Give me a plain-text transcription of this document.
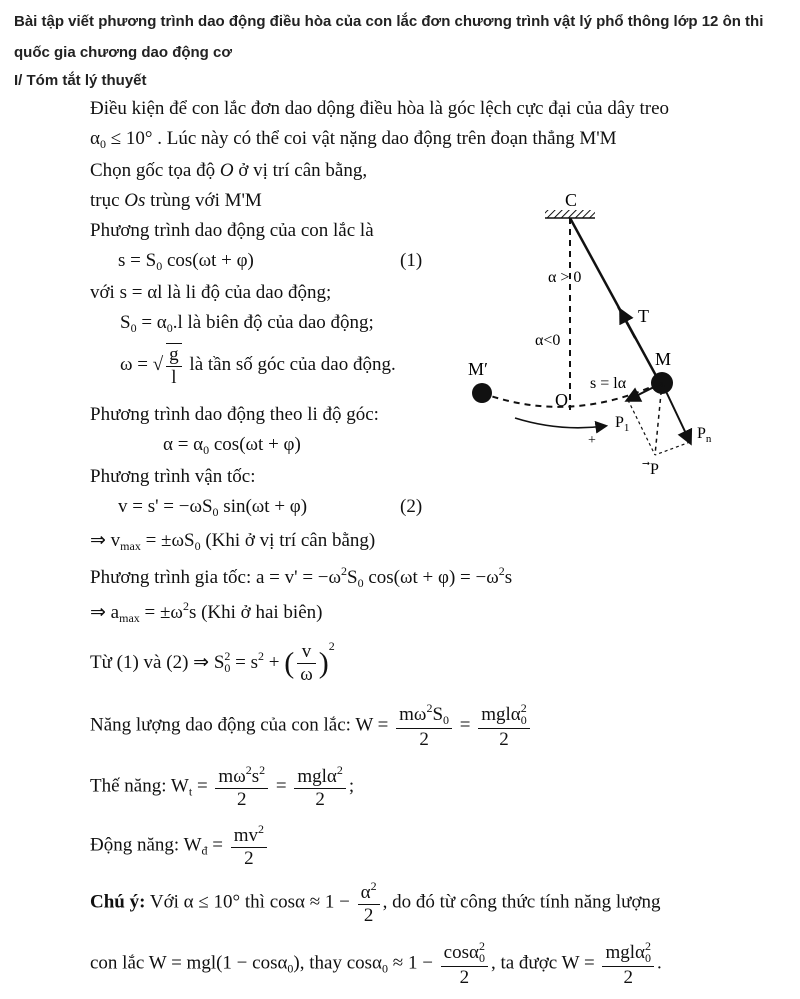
Bài tập viết phương trình dao động điều hòa của con lắc đơn chương trình vật lý phổ thông lớp 12 ôn thi
quốc gia chương dao động cơ
I/ Tóm tắt lý thuyết
Điều kiện để con lắc đơn dao dộng điều hòa là góc lệch cực đại của dây treo
$\alpha_0 \le 10^\circ$ . Lúc này có thể coi vật nặng dao động trên đoạn thẳng M'M
Chọn gốc tọa độ O ở vị trí cân bằng,
trục Os trùng với M'M
Phương trình dao động của con lắc là
$s = S_0$ cos(ωt + φ)	(1)
với s = αl là li độ của dao động;
$S_0 = \alpha_0.l$ là biên độ của dao động;
ω = √ $\frac{g}{l}$ là tần số góc của dao động.
Phương trình dao động theo li độ góc:
$\alpha = \alpha_0$ cos(ωt + φ)
Phương trình vận tốc:
$v = s' = -\omega S_0$ sin(ωt + φ)	(2)
⇒ $v_{max} = \pm\omega S_0$ (Khi ở vị trí cân bằng)
Phương trình gia tốc: $a = v' = -\omega^2S_0$ $\cos(\omega t + \varphi) = -\omega^2s$
⇒ $a_{max} = \pm\omega^2s$ (Khi ở hai biên)
Từ (1) và (2) ⇒ $S_0^2 = s^2$ + ( $\frac{v}{\omega} )^2$
Năng lượng dao động của con lắc: $W = \frac{m\omega^2S_0}{2} = \frac{mgl\alpha_0^2}{2}$
Thế năng: $W_t = \frac{m\omega^2s^2}{2} = \frac{mgl\alpha^2}{2}$ ;
Động năng: $W_đ = \frac{mv^2}{2}$
Chú ý: Với α ≤ 10° thì $\cos\alpha \approx 1 - \frac{\alpha^2}{2}$ , do đó từ công thức tính năng lượng
con lắc W = mgl(1 − cosα$_0$), thay $\cos\alpha_0 \approx 1 - \frac{\cos\alpha_0^2}{2}$ , ta được $W = \frac{mgl\alpha_0^2}{2}$ .
C
T
α > 0
α<0
M′	M
s = lα
O
+
P
$P_1$	$P_n$
